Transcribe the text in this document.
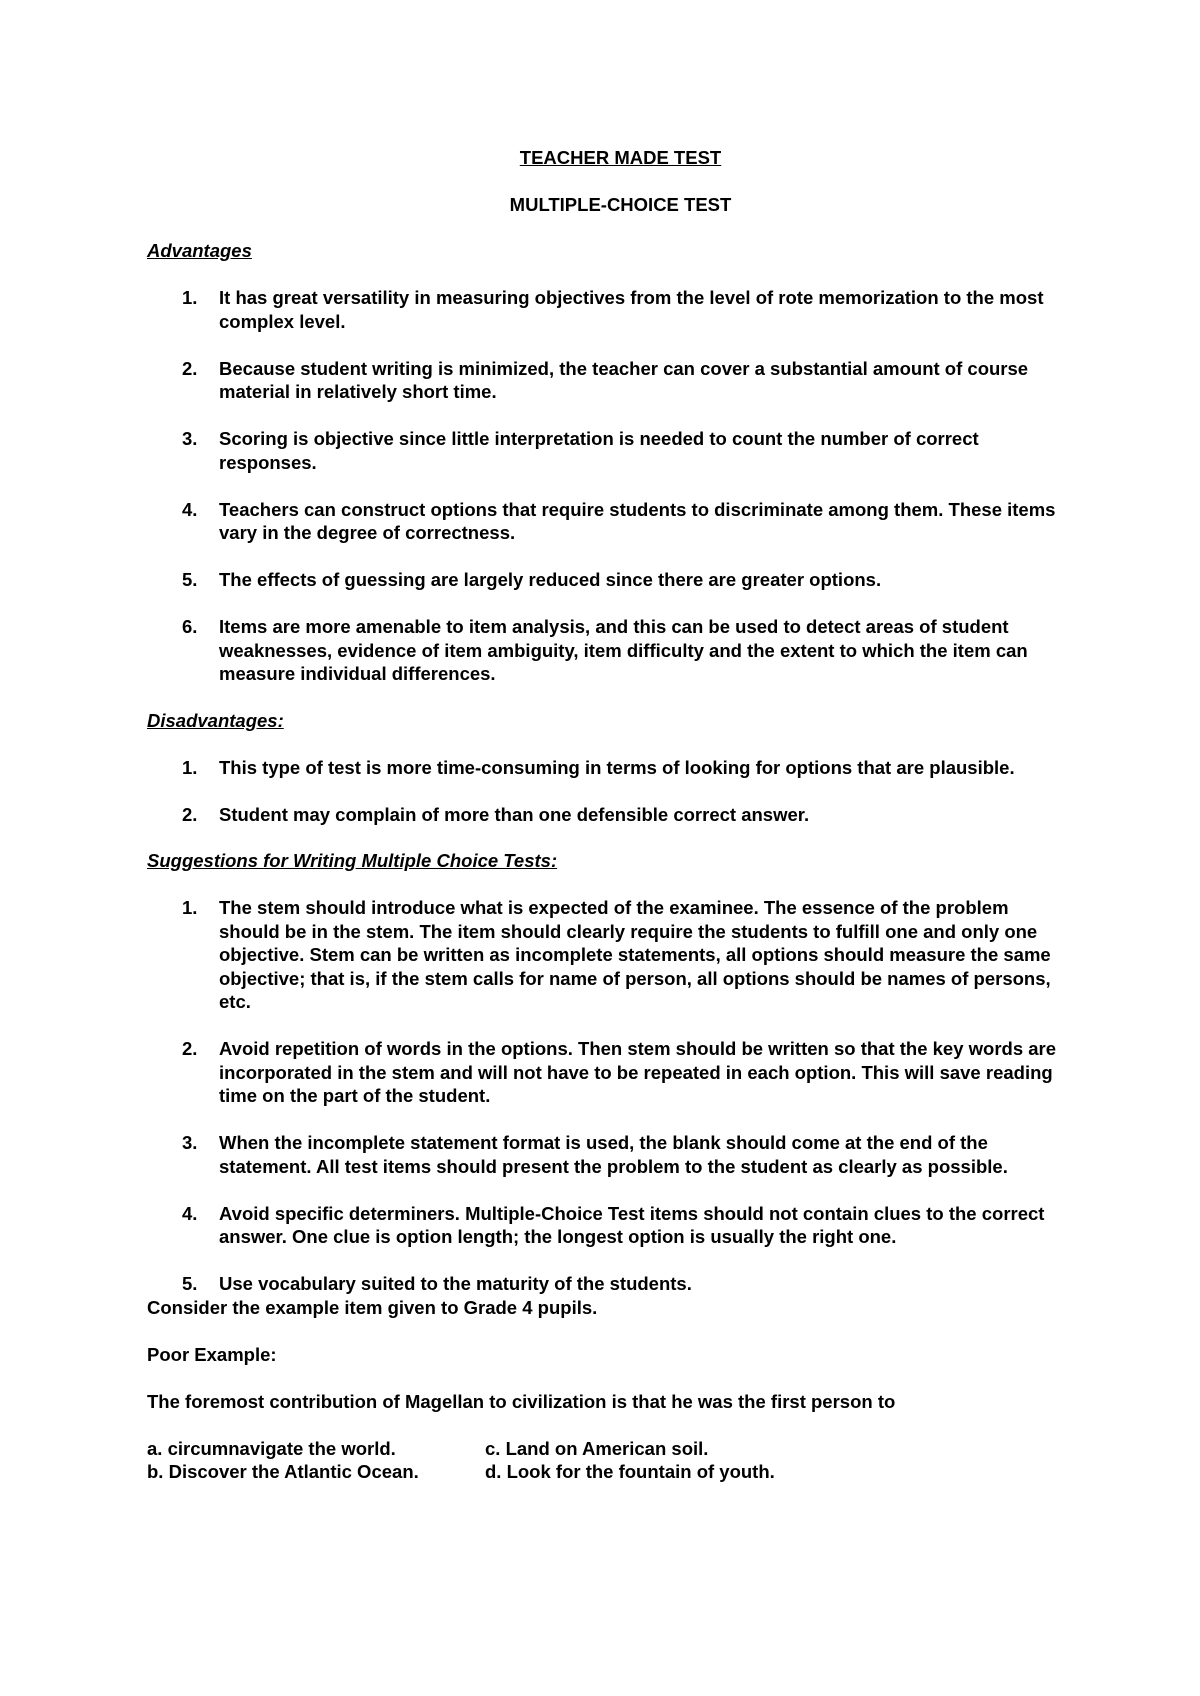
TEACHER MADE TEST

MULTIPLE-CHOICE TEST

Advantages

1. It has great versatility in measuring objectives from the level of rote memorization to the most complex level.
2. Because student writing is minimized, the teacher can cover a substantial amount of course material in relatively short time.
3. Scoring is objective since little interpretation is needed to count the number of correct responses.
4. Teachers can construct options that require students to discriminate among them. These items vary in the degree of correctness.
5. The effects of guessing are largely reduced since there are greater options.
6. Items are more amenable to item analysis, and this can be used to detect areas of student weaknesses, evidence of item ambiguity, item difficulty and the extent to which the item can measure individual differences.

Disadvantages:

1. This type of test is more time-consuming in terms of looking for options that are plausible.
2. Student may complain of more than one defensible correct answer.

Suggestions for Writing Multiple Choice Tests:

1. The stem should introduce what is expected of the examinee. The essence of the problem should be in the stem. The item should clearly require the students to fulfill one and only one objective. Stem can be written as incomplete statements, all options should measure the same objective; that is, if the stem calls for name of person, all options should be names of persons, etc.
2. Avoid repetition of words in the options. Then stem should be written so that the key words are incorporated in the stem and will not have to be repeated in each option. This will save reading time on the part of the student.
3. When the incomplete statement format is used, the blank should come at the end of the statement. All test items should present the problem to the student as clearly as possible.
4. Avoid specific determiners. Multiple-Choice Test items should not contain clues to the correct answer. One clue is option length; the longest option is usually the right one.
5. Use vocabulary suited to the maturity of the students.

Consider the example item given to Grade 4 pupils.

Poor Example:

The foremost contribution of Magellan to civilization is that he was the first person to

a. circumnavigate the world.	c. Land on American soil.
b. Discover the Atlantic Ocean.	d. Look for the fountain of youth.
